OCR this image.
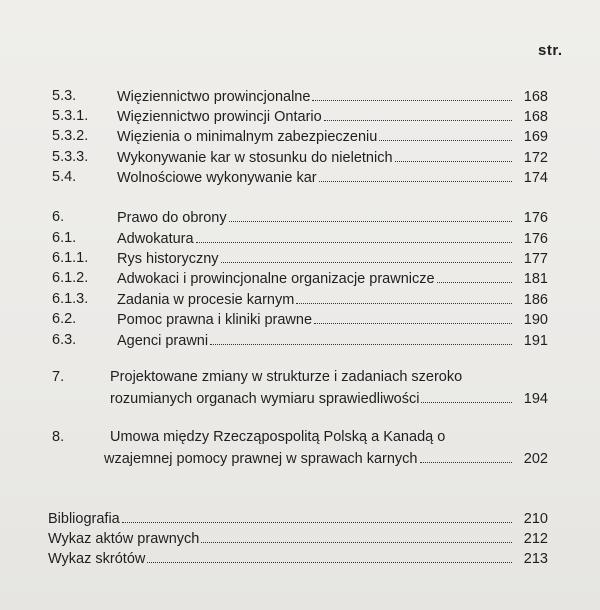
str.
5.3.	Więziennictwo prowincjonalne	168
5.3.1. Więziennictwo prowincji Ontario	168
5.3.2. Więzienia o minimalnym zabezpieczeniu	169
5.3.3. Wykonywanie kar w stosunku do nieletnich	172
5.4.	Wolnościowe wykonywanie kar	174
6.	Prawo do obrony	176
6.1.	Adwokatura	176
6.1.1. Rys historyczny	177
6.1.2. Adwokaci i prowincjonalne organizacje prawnicze	181
6.1.3. Zadania w procesie karnym	186
6.2.	Pomoc prawna i kliniki prawne	190
6.3.	Agenci prawni	191
7.	Projektowane zmiany w strukturze i zadaniach szeroko
rozumianych organach wymiaru sprawiedliwości	194
8.	Umowa między Rzecząpospolitą Polską a Kanadą o
wzajemnej pomocy prawnej w sprawach karnych	202
Bibliografia	210
Wykaz aktów prawnych	212
Wykaz skrótów	213
